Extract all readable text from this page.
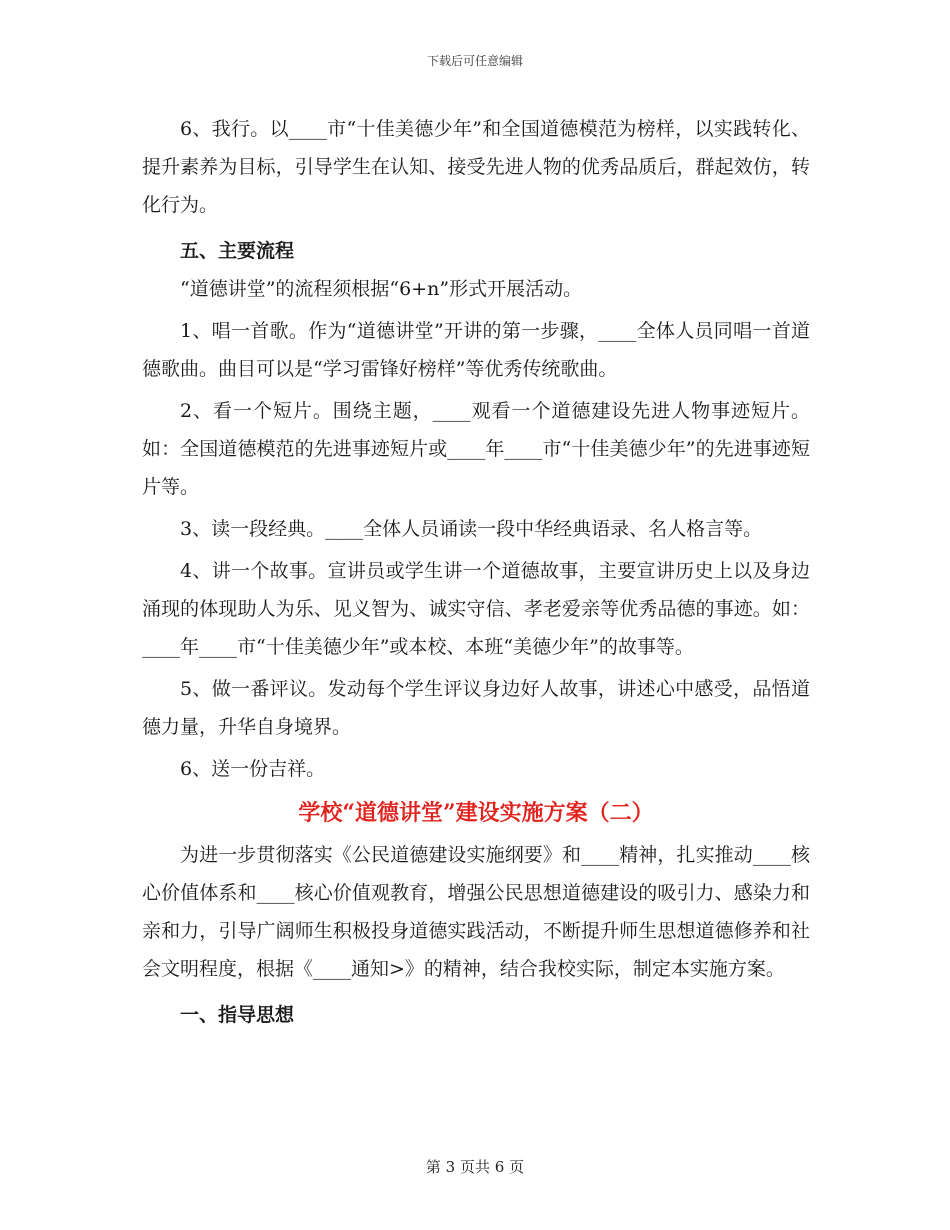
下载后可任意编辑

6、我行。以____市“十佳美德少年”和全国道德模范为榜样，以实践转化、提升素养为目标，引导学生在认知、接受先进人物的优秀品质后，群起效仿，转化行为。

五、主要流程

“道德讲堂”的流程须根据“6+n”形式开展活动。

1、唱一首歌。作为“道德讲堂”开讲的第一步骤，____全体人员同唱一首道德歌曲。曲目可以是“学习雷锋好榜样”等优秀传统歌曲。

2、看一个短片。围绕主题，____观看一个道德建设先进人物事迹短片。如：全国道德模范的先进事迹短片或____年____市“十佳美德少年”的先进事迹短片等。

3、读一段经典。____全体人员诵读一段中华经典语录、名人格言等。

4、讲一个故事。宣讲员或学生讲一个道德故事，主要宣讲历史上以及身边涌现的体现助人为乐、见义智为、诚实守信、孝老爱亲等优秀品德的事迹。如：____年____市“十佳美德少年”或本校、本班“美德少年”的故事等。

5、做一番评议。发动每个学生评议身边好人故事，讲述心中感受，品悟道德力量，升华自身境界。

6、送一份吉祥。

学校“道德讲堂”建设实施方案（二）

为进一步贯彻落实《公民道德建设实施纲要》和____精神，扎实推动____核心价值体系和____核心价值观教育，增强公民思想道德建设的吸引力、感染力和亲和力，引导广阔师生积极投身道德实践活动，不断提升师生思想道德修养和社会文明程度，根据《____通知>》的精神，结合我校实际，制定本实施方案。

一、指导思想

第 3 页共 6 页
